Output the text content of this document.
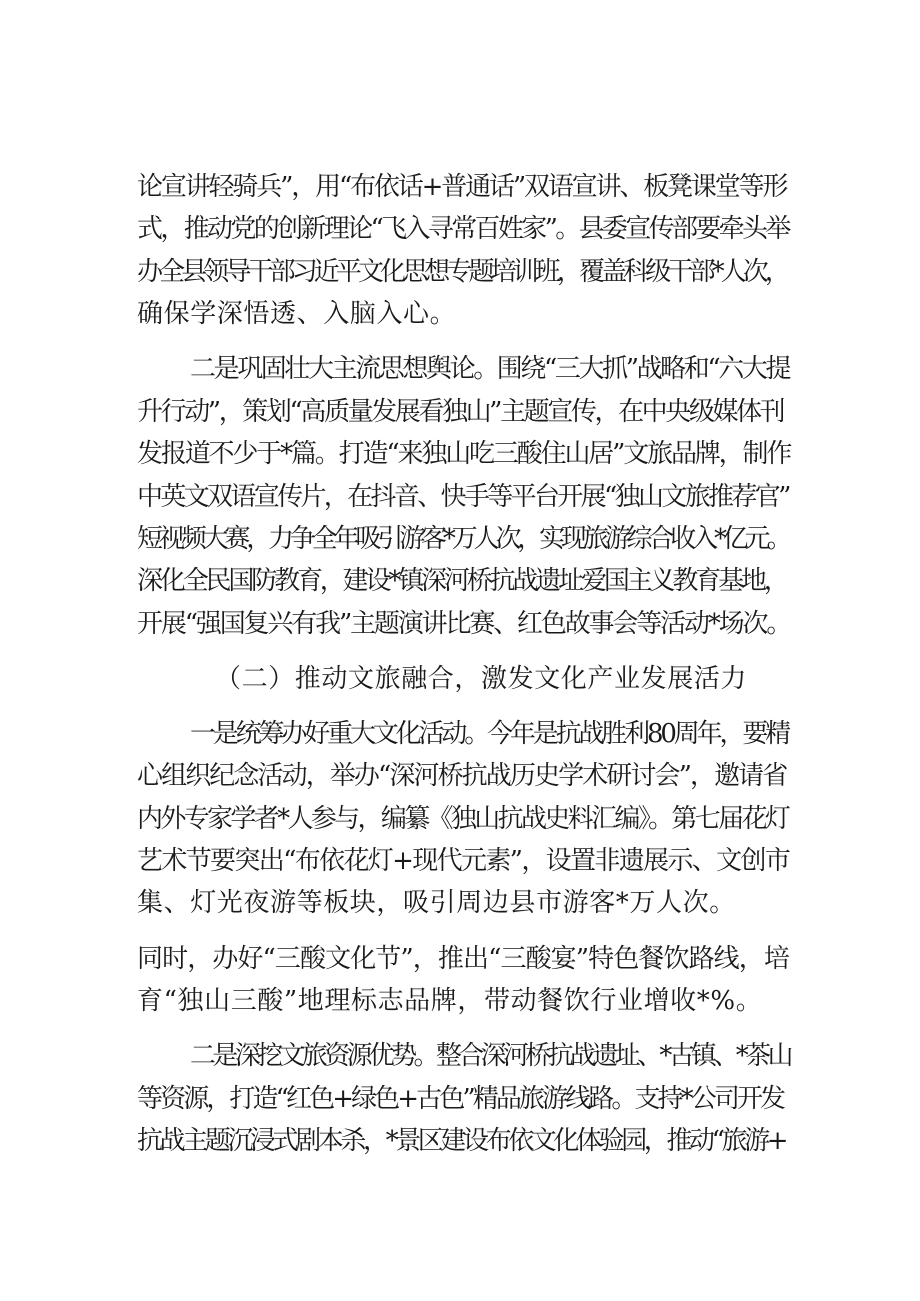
论宣讲轻骑兵”，用“布依话+普通话”双语宣讲、板凳课堂等形
式，推动党的创新理论“飞入寻常百姓家”。县委宣传部要牵头举
办全县领导干部习近平文化思想专题培训班，覆盖科级干部*人次，
确保学深悟透、入脑入心。
二是巩固壮大主流思想舆论。围绕“三大抓”战略和“六大提
升行动”，策划“高质量发展看独山”主题宣传，在中央级媒体刊
发报道不少于*篇。打造“来独山吃三酸住山居”文旅品牌，制作
中英文双语宣传片，在抖音、快手等平台开展“独山文旅推荐官”
短视频大赛，力争全年吸引游客*万人次，实现旅游综合收入*亿元。
深化全民国防教育，建设*镇深河桥抗战遗址爱国主义教育基地，
开展“强国复兴有我”主题演讲比赛、红色故事会等活动*场次。
（二）推动文旅融合，激发文化产业发展活力
一是统筹办好重大文化活动。今年是抗战胜利80周年，要精
心组织纪念活动，举办“深河桥抗战历史学术研讨会”，邀请省
内外专家学者*人参与，编纂《独山抗战史料汇编》。第七届花灯
艺术节要突出“布依花灯+现代元素”，设置非遗展示、文创市
集、灯光夜游等板块，吸引周边县市游客*万人次。
同时，办好“三酸文化节”，推出“三酸宴”特色餐饮路线，培
育“独山三酸”地理标志品牌，带动餐饮行业增收*%。
二是深挖文旅资源优势。整合深河桥抗战遗址、*古镇、*茶山
等资源，打造“红色+绿色+古色”精品旅游线路。支持*公司开发
抗战主题沉浸式剧本杀，*景区建设布依文化体验园，推动“旅游+
